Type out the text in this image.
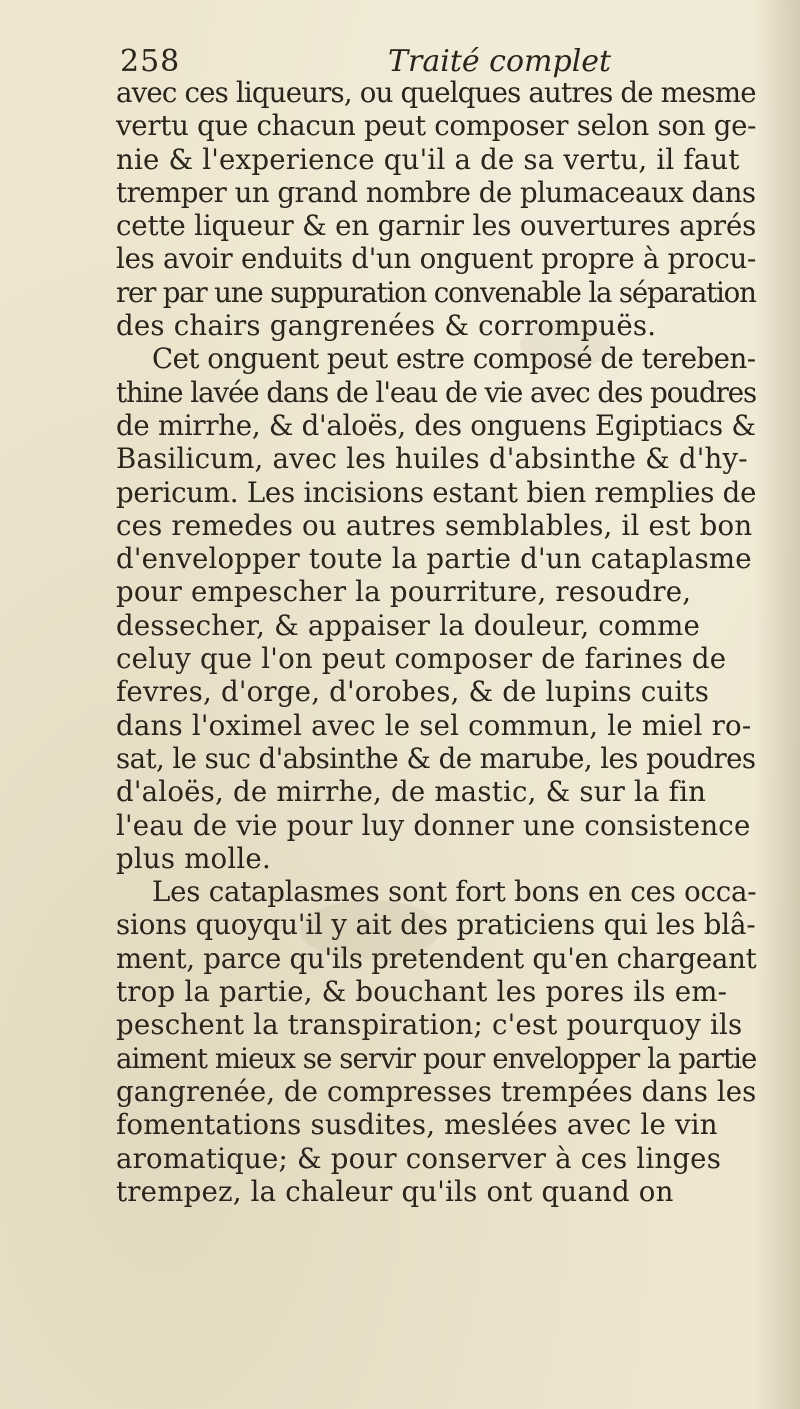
258	Traité complet

avec ces liqueurs, ou quelques autres de mesme
vertu que chacun peut composer selon son ge-
nie & l'experience qu'il a de sa vertu, il faut
tremper un grand nombre de plumaceaux dans
cette liqueur & en garnir les ouvertures aprés
les avoir enduits d'un onguent propre à procu-
rer par une suppuration convenable la séparation
des chairs gangrenées & corrompuës.

Cet onguent peut estre composé de tereben-
thine lavée dans de l'eau de vie avec des poudres
de mirrhe, & d'aloës, des onguens Egiptiacs &
Basilicum, avec les huiles d'absinthe & d'hy-
pericum. Les incisions estant bien remplies de
ces remedes ou autres semblables, il est bon
d'envelopper toute la partie d'un cataplasme
pour empescher la pourriture, resoudre,
dessecher, & appaiser la douleur, comme
celuy que l'on peut composer de farines de
fevres, d'orge, d'orobes, & de lupins cuits
dans l'oximel avec le sel commun, le miel ro-
sat, le suc d'absinthe & de marube, les poudres
d'aloës, de mirrhe, de mastic, & sur la fin
l'eau de vie pour luy donner une consistence
plus molle.

Les cataplasmes sont fort bons en ces occa-
sions quoyqu'il y ait des praticiens qui les blâ-
ment, parce qu'ils pretendent qu'en chargeant
trop la partie, & bouchant les pores ils em-
peschent la transpiration; c'est pourquoy ils
aiment mieux se servir pour envelopper la partie
gangrenée, de compresses trempées dans les
fomentations susdites, meslées avec le vin
aromatique; & pour conserver à ces linges
trempez, la chaleur qu'ils ont quand on
